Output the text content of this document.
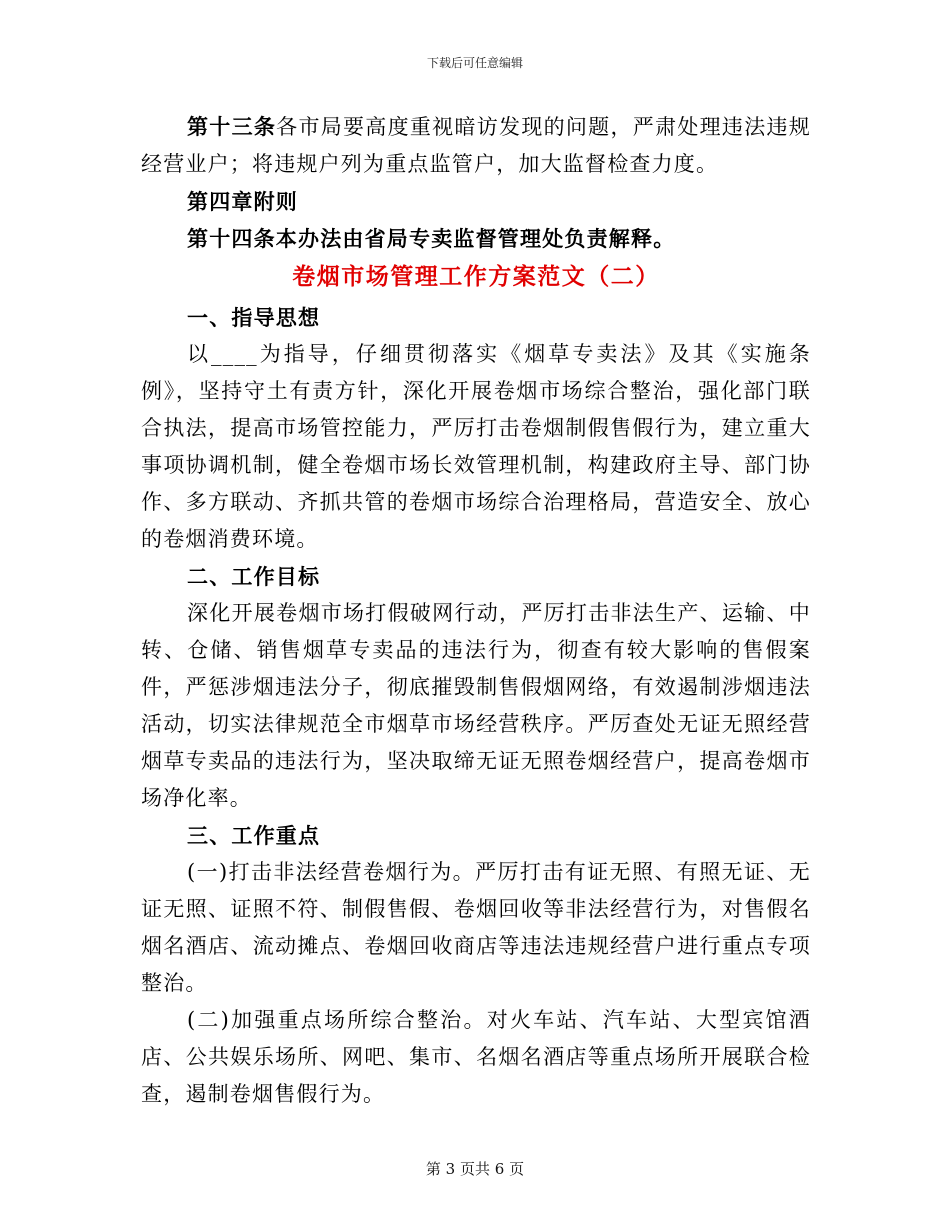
下载后可任意编辑

第十三条各市局要高度重视暗访发现的问题，严肃处理违法违规经营业户；将违规户列为重点监管户，加大监督检查力度。

第四章附则

第十四条本办法由省局专卖监督管理处负责解释。

卷烟市场管理工作方案范文（二）

一、指导思想

以____为指导，仔细贯彻落实《烟草专卖法》及其《实施条例》，坚持守土有责方针，深化开展卷烟市场综合整治，强化部门联合执法，提高市场管控能力，严厉打击卷烟制假售假行为，建立重大事项协调机制，健全卷烟市场长效管理机制，构建政府主导、部门协作、多方联动、齐抓共管的卷烟市场综合治理格局，营造安全、放心的卷烟消费环境。

二、工作目标

深化开展卷烟市场打假破网行动，严厉打击非法生产、运输、中转、仓储、销售烟草专卖品的违法行为，彻查有较大影响的售假案件，严惩涉烟违法分子，彻底摧毁制售假烟网络，有效遏制涉烟违法活动，切实法律规范全市烟草市场经营秩序。严厉查处无证无照经营烟草专卖品的违法行为，坚决取缔无证无照卷烟经营户，提高卷烟市场净化率。

三、工作重点

(一)打击非法经营卷烟行为。严厉打击有证无照、有照无证、无证无照、证照不符、制假售假、卷烟回收等非法经营行为，对售假名烟名酒店、流动摊点、卷烟回收商店等违法违规经营户进行重点专项整治。

(二)加强重点场所综合整治。对火车站、汽车站、大型宾馆酒店、公共娱乐场所、网吧、集市、名烟名酒店等重点场所开展联合检查，遏制卷烟售假行为。

第 3 页共 6 页
